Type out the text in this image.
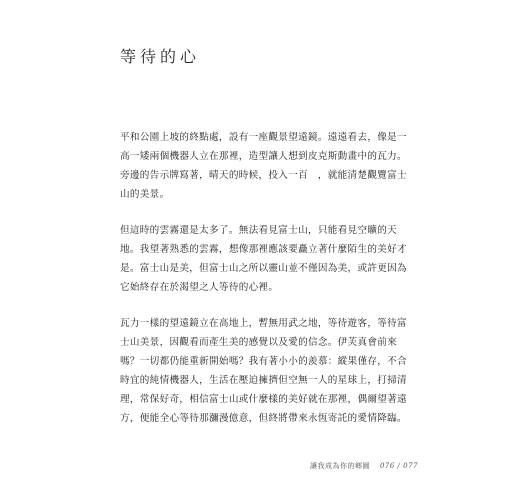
等待的心

平和公園上坡的終點處，設有一座觀景望遠鏡。遠遠看去，像是一高一矮兩個機器人立在那裡，造型讓人想到皮克斯動畫中的瓦力。旁邊的告示牌寫著，晴天的時候，投入一百　，就能清楚觀覽富士山的美景。

但這時的雲霧還是太多了。無法看見富士山，只能看見空曠的天地。我望著熟悉的雲霧，想像那裡應該要矗立著什麼陌生的美好才是。富士山是美，但富士山之所以靈山並不僅因為美，或許更因為它始終存在於渴望之人等待的心裡。

瓦力一樣的望遠鏡立在高地上，暫無用武之地，等待遊客，等待富士山美景，因觀看而產生美的感覺以及愛的信念。伊芙真會前來嗎？一切都仍能重新開始嗎？我有著小小的羨慕：縱果僅存，不合時宜的純情機器人，生活在壓迫擁擠但空無一人的星球上，打掃清理，常保好奇，相信富士山或什麼樣的美好就在那裡，偶爾望著遠方，便能全心等待那瀰漫億意，但終將帶來永恆寄託的愛情降臨。

讓我成為你的鄉圓 076 / 077
